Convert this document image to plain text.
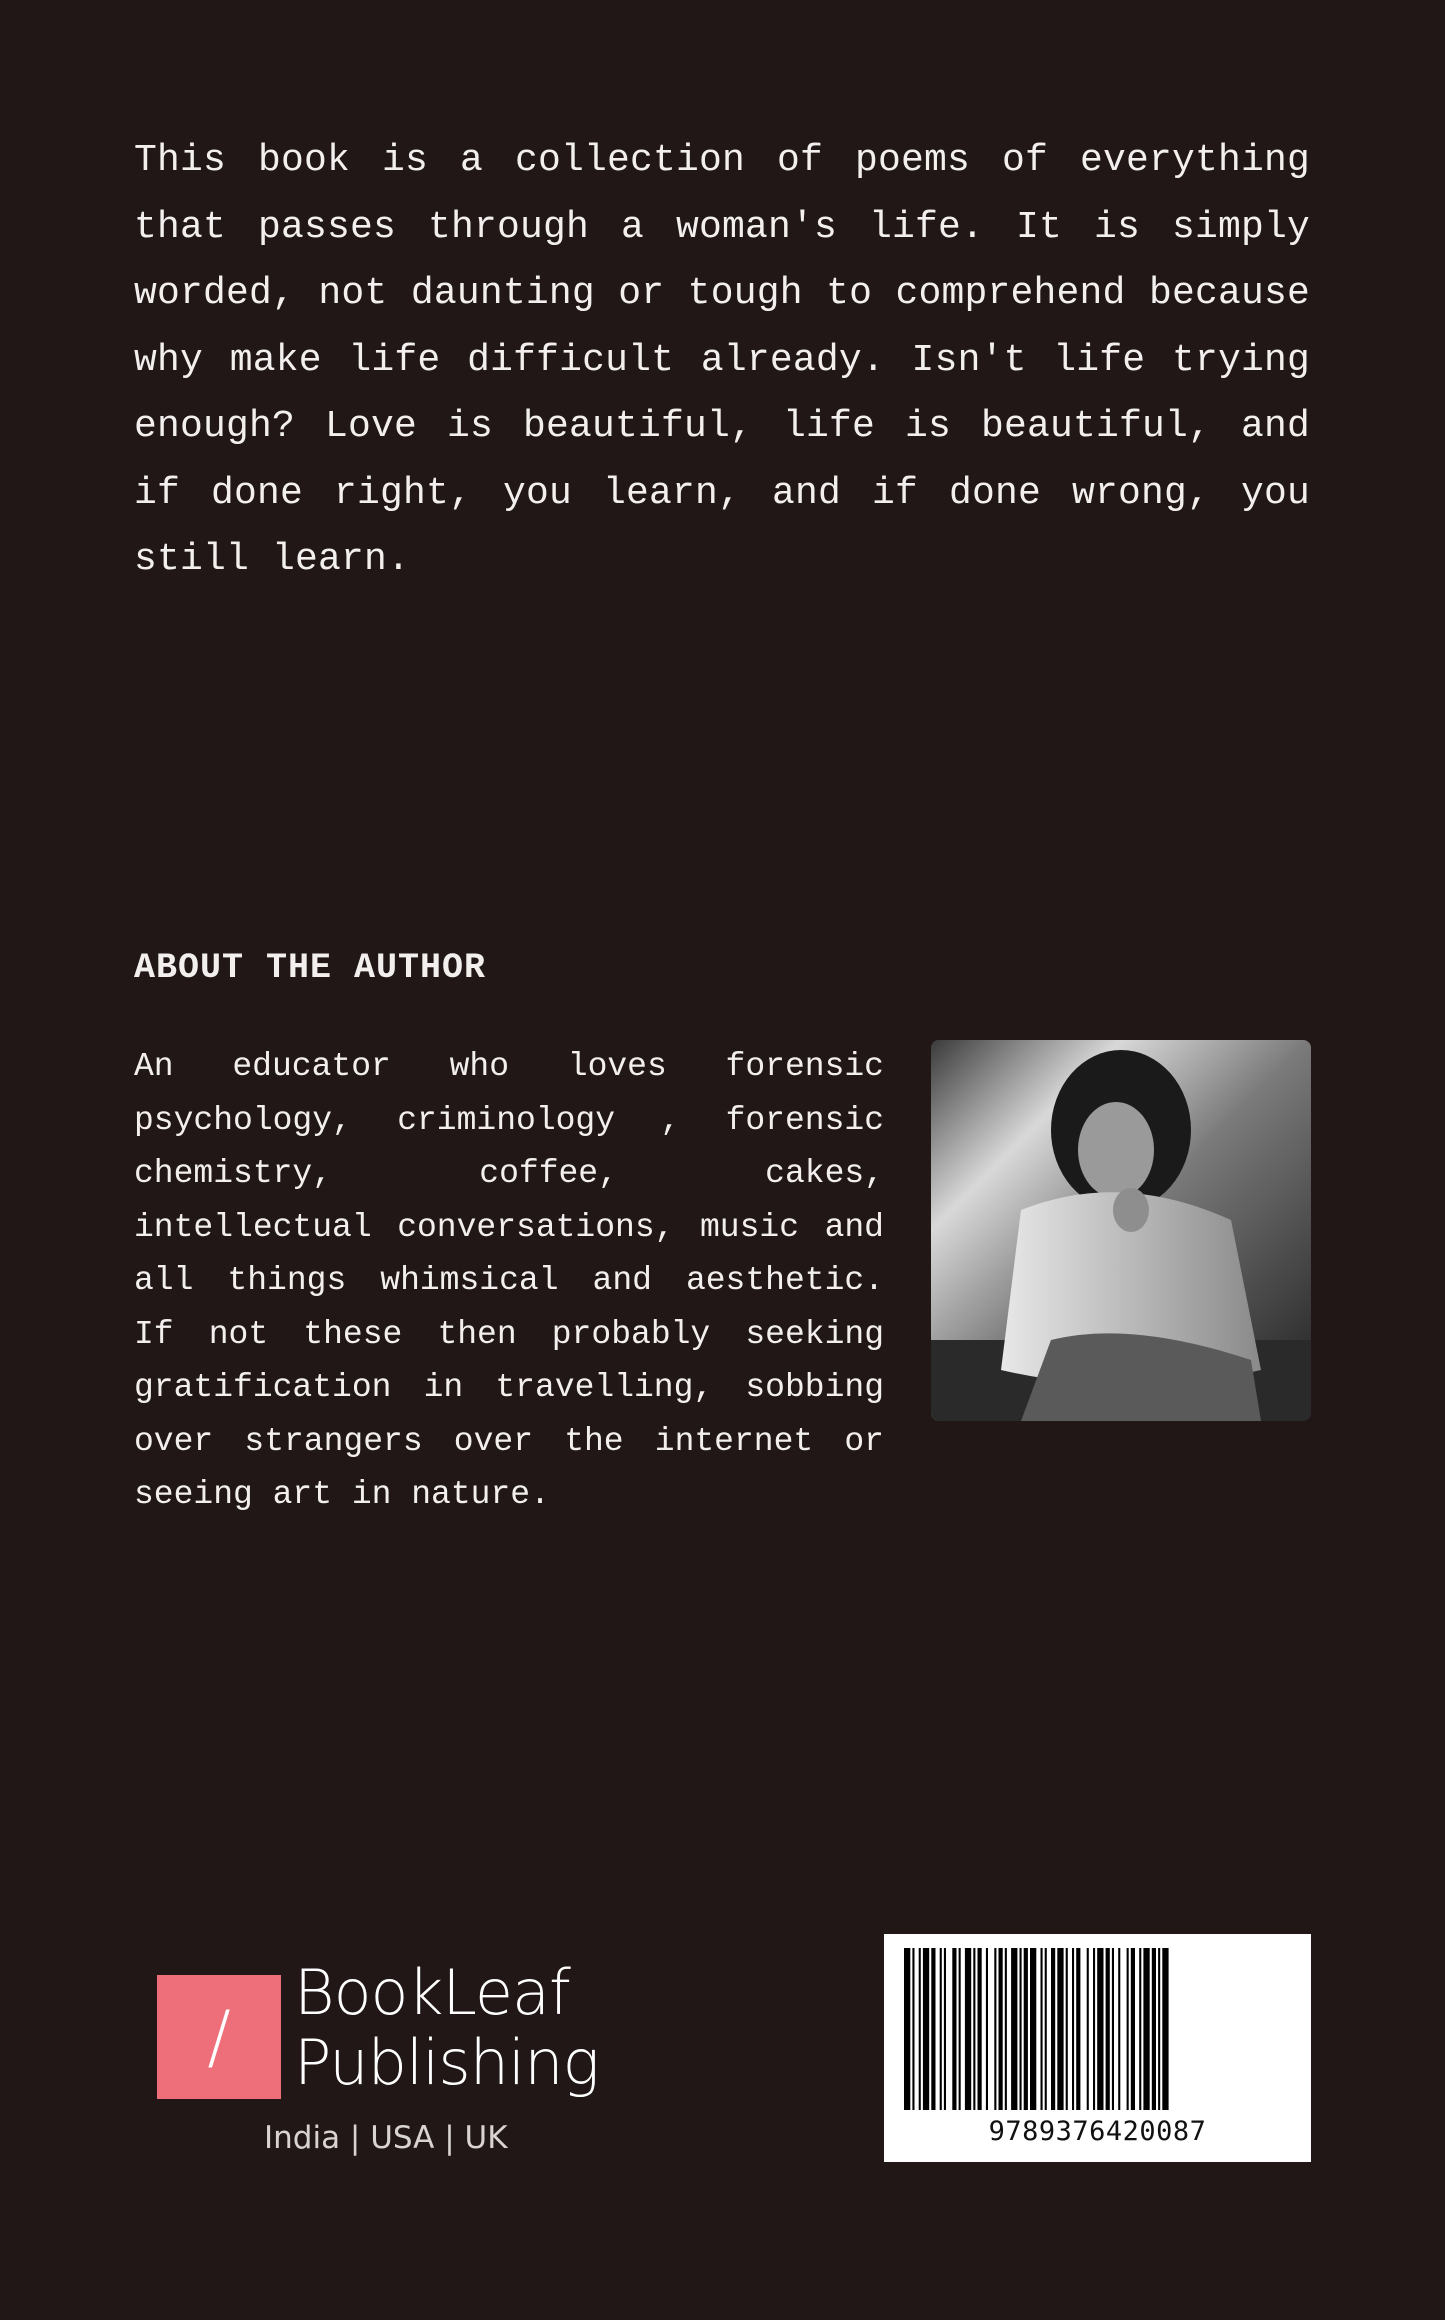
This book is a collection of poems of everything that passes through a woman's life. It is simply worded, not daunting or tough to comprehend because why make life difficult already. Isn't life trying enough? Love is beautiful, life is beautiful, and if done right, you learn, and if done wrong, you still learn.

ABOUT THE AUTHOR

An educator who loves forensic psychology, criminology , forensic chemistry, coffee, cakes, intellectual conversations, music and all things whimsical and aesthetic. If not these then probably seeking gratification in travelling, sobbing over strangers over the internet or seeing art in nature.

/
BookLeaf
Publishing
India | USA | UK	9789376420087
